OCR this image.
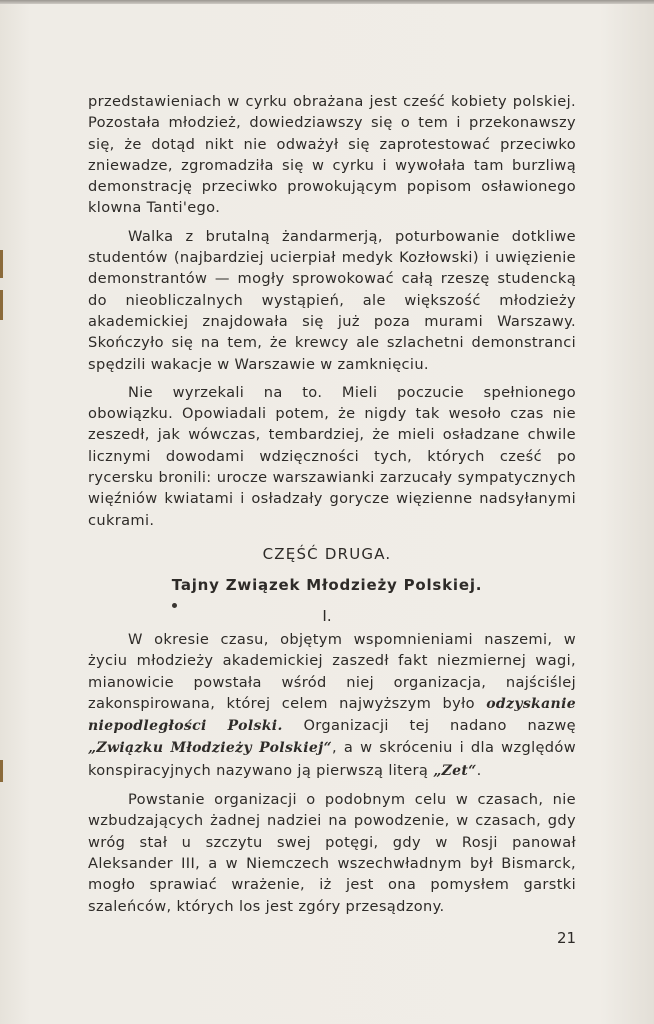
przedstawieniach w cyrku obrażana jest cześć kobiety polskiej. Pozostała młodzież, dowiedziawszy się o tem i przekonawszy się, że dotąd nikt nie odważył się zaprotestować przeciwko zniewadze, zgromadziła się w cyrku i wywołała tam burzliwą demonstrację przeciwko prowokującym popisom osławionego klowna Tanti'ego.

Walka z brutalną żandarmerją, poturbowanie dotkliwe studentów (najbardziej ucierpiał medyk Kozłowski) i uwięzienie demonstrantów — mogły sprowokować całą rzeszę studencką do nieobliczalnych wystąpień, ale większość młodzieży akademickiej znajdowała się już poza murami Warszawy. Skończyło się na tem, że krewcy ale szlachetni demonstranci spędzili wakacje w Warszawie w zamknięciu.

Nie wyrzekali na to. Mieli poczucie spełnionego obowiązku. Opowiadali potem, że nigdy tak wesoło czas nie zeszedł, jak wówczas, tembardziej, że mieli osładzane chwile licznymi dowodami wdzięczności tych, których cześć po rycersku bronili: urocze warszawianki zarzucały sympatycznych więźniów kwiatami i osładzały gorycze więzienne nadsyłanymi cukrami.

CZĘŚĆ DRUGA.
Tajny Związek Młodzieży Polskiej.
I.

W okresie czasu, objętym wspomnieniami naszemi, w życiu młodzieży akademickiej zaszedł fakt niezmiernej wagi, mianowicie powstała wśród niej organizacja, najściślej zakonspirowana, której celem najwyższym było odzyskanie niepodległości Polski. Organizacji tej nadano nazwę „Związku Młodzieży Polskiej“, a w skróceniu i dla względów konspiracyjnych nazywano ją pierwszą literą „Zet“.

Powstanie organizacji o podobnym celu w czasach, nie wzbudzających żadnej nadziei na powodzenie, w czasach, gdy wróg stał u szczytu swej potęgi, gdy w Rosji panował Aleksander III, a w Niemczech wszechwładnym był Bismarck, mogło sprawiać wrażenie, iż jest ona pomysłem garstki szaleńców, których los jest zgóry przesądzony.

21
